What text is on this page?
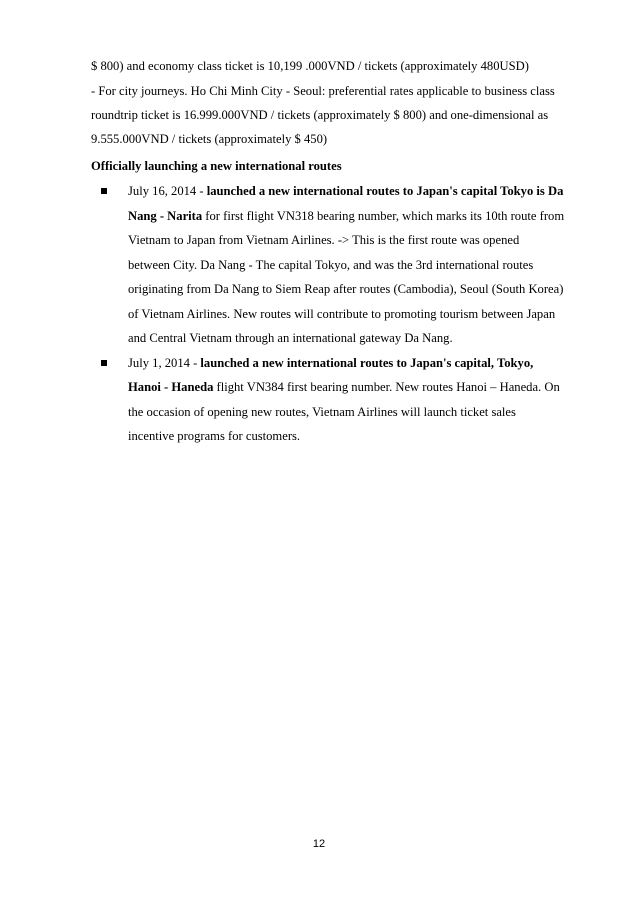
$ 800) and economy class ticket is 10,199 .000VND / tickets (approximately 480USD)
- For city journeys. Ho Chi Minh City - Seoul: preferential rates applicable to business class
roundtrip ticket is 16.999.000VND / tickets (approximately $ 800) and one-dimensional as
9.555.000VND / tickets (approximately $ 450)
Officially launching a new international routes
July 16, 2014 - launched a new international routes to Japan's capital Tokyo is Da
Nang - Narita for first flight VN318 bearing number, which marks its 10th route from
Vietnam to Japan from Vietnam Airlines. -> This is the first route was opened
between City. Da Nang - The capital Tokyo, and was the 3rd international routes
originating from Da Nang to Siem Reap after routes (Cambodia), Seoul (South Korea)
of Vietnam Airlines. New routes will contribute to promoting tourism between Japan
and Central Vietnam through an international gateway Da Nang.
July 1, 2014 - launched a new international routes to Japan's capital, Tokyo,
Hanoi - Haneda flight VN384 first bearing number. New routes Hanoi – Haneda. On
the occasion of opening new routes, Vietnam Airlines will launch ticket sales
incentive programs for customers.
12
